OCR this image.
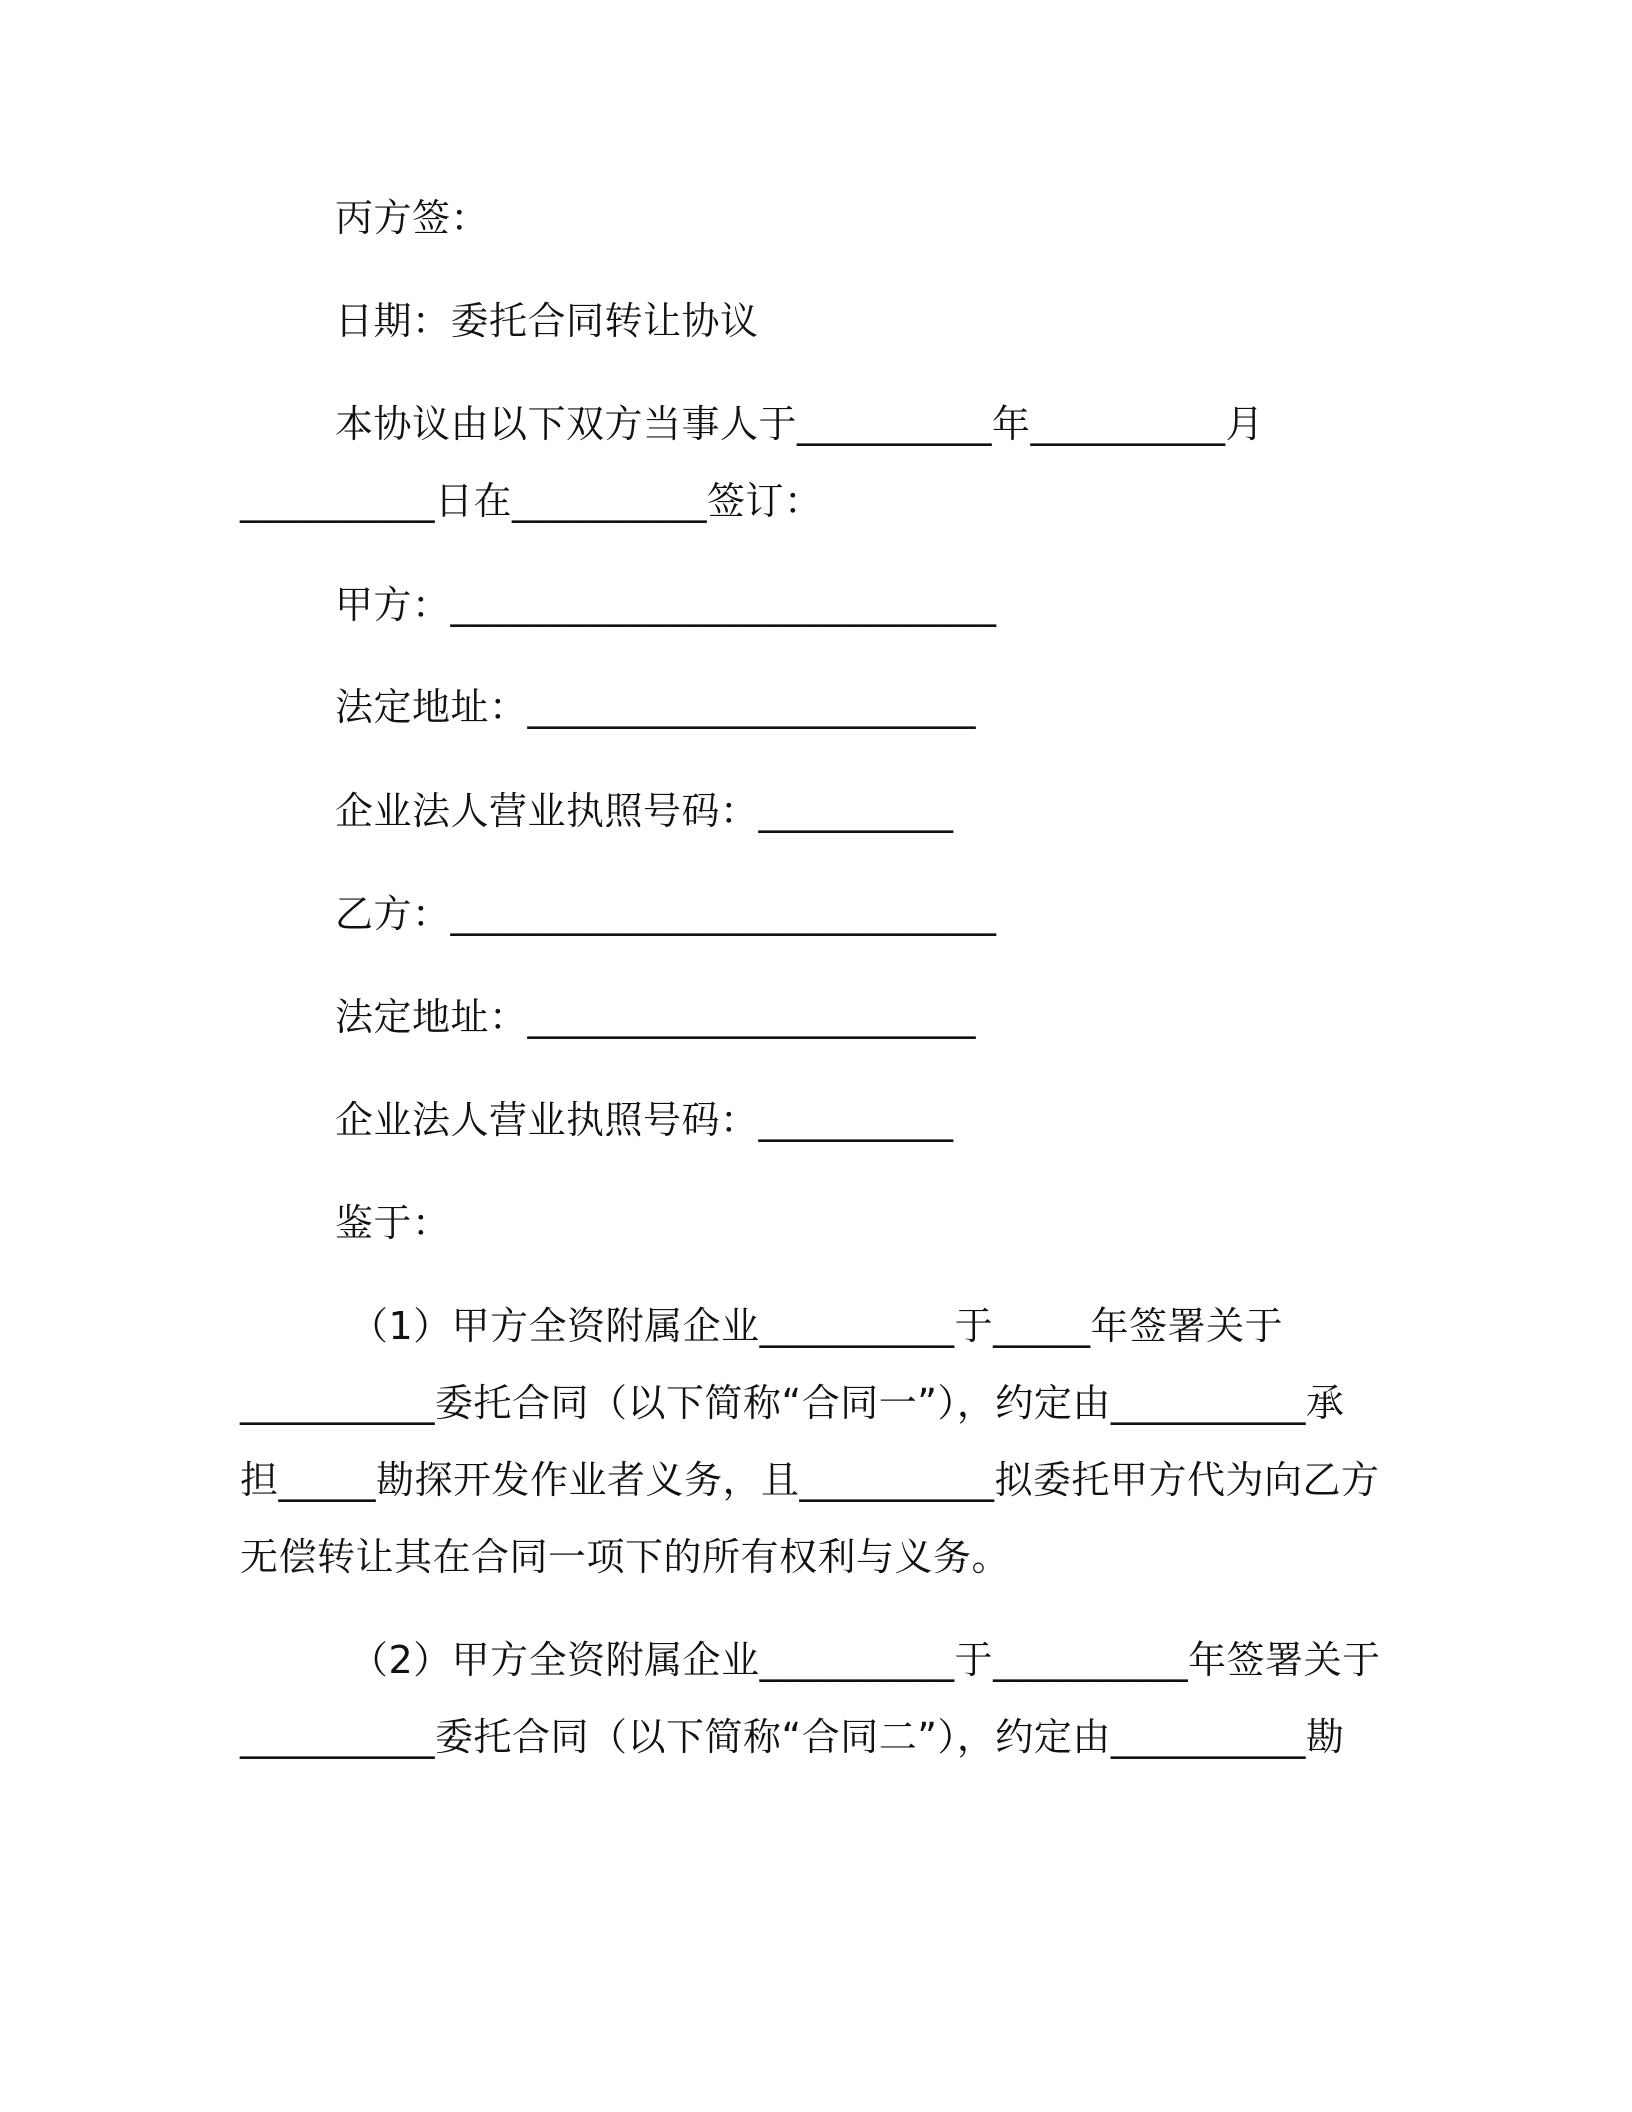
丙方签：
日期：委托合同转让协议
本协议由以下双方当事人于__________年__________月
__________日在__________签订：
甲方：____________________________
法定地址：_______________________
企业法人营业执照号码：__________
乙方：____________________________
法定地址：_______________________
企业法人营业执照号码：__________
鉴于：
（1）甲方全资附属企业__________于_____年签署关于
__________委托合同（以下简称“合同一”），约定由__________承
担_____勘探开发作业者义务，且__________拟委托甲方代为向乙方
无偿转让其在合同一项下的所有权利与义务。
（2）甲方全资附属企业__________于__________年签署关于
__________委托合同（以下简称“合同二”），约定由__________勘
